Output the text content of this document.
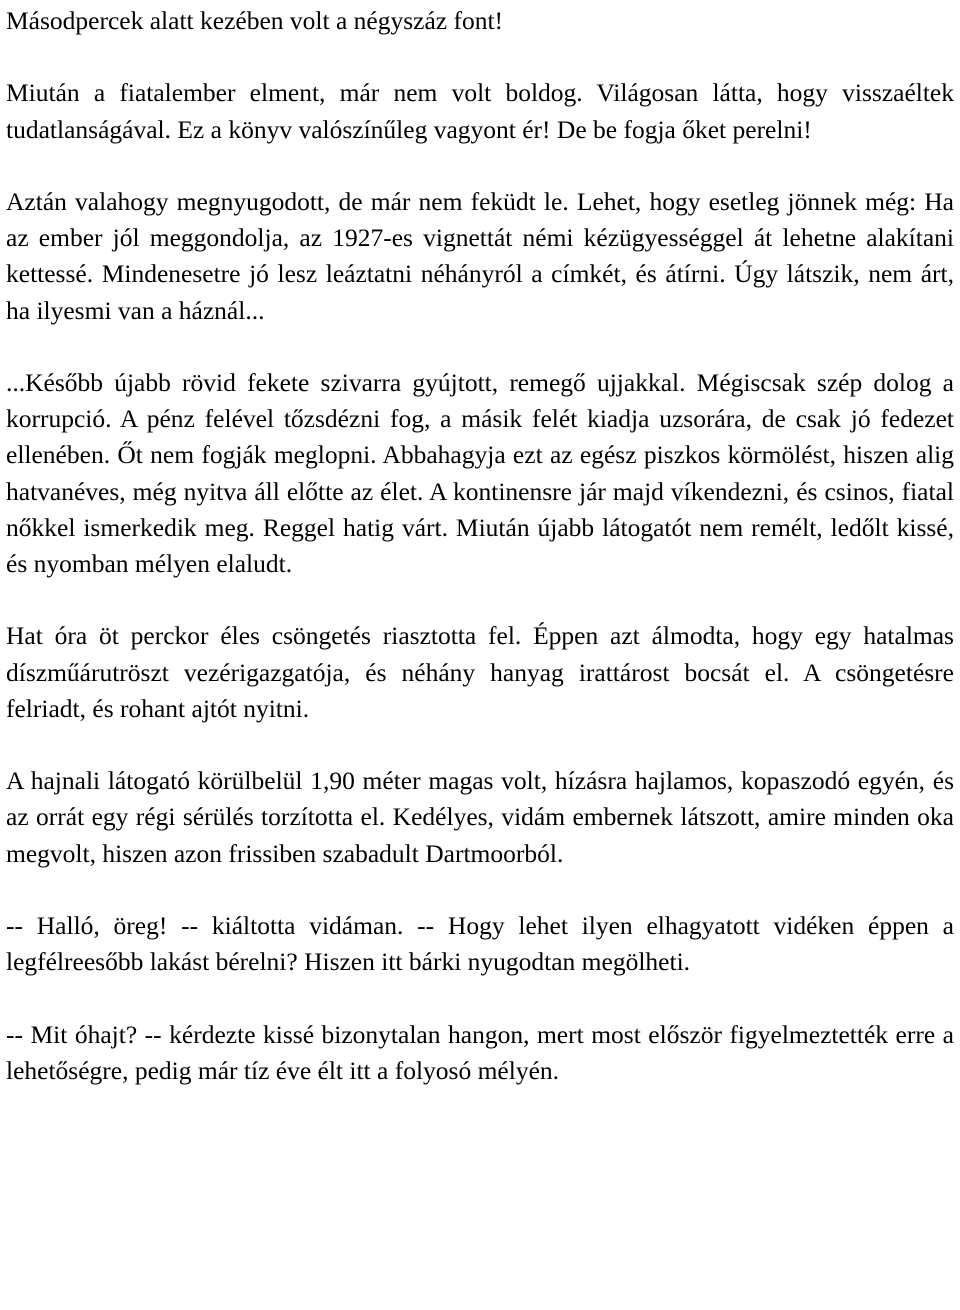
Másodpercek alatt kezében volt a négyszáz font!

Miután a fiatalember elment, már nem volt boldog. Világosan látta, hogy visszaéltek tudatlanságával. Ez a könyv valószínűleg vagyont ér! De be fogja őket perelni!

Aztán valahogy megnyugodott, de már nem feküdt le. Lehet, hogy esetleg jönnek még: Ha az ember jól meggondolja, az 1927-es vignettát némi kézügyességgel át lehetne alakítani kettessé. Mindenesetre jó lesz leáztatni néhányról a címkét, és átírni. Úgy látszik, nem árt, ha ilyesmi van a háznál...

...Később újabb rövid fekete szivarra gyújtott, remegő ujjakkal. Mégiscsak szép dolog a korrupció. A pénz felével tőzsdézni fog, a másik felét kiadja uzsorára, de csak jó fedezet ellenében. Őt nem fogják meglopni. Abbahagyja ezt az egész piszkos körmölést, hiszen alig hatvanéves, még nyitva áll előtte az élet. A kontinensre jár majd víkendezni, és csinos, fiatal nőkkel ismerkedik meg. Reggel hatig várt. Miután újabb látogatót nem remélt, ledőlt kissé, és nyomban mélyen elaludt.

Hat óra öt perckor éles csöngetés riasztotta fel. Éppen azt álmodta, hogy egy hatalmas díszműárutröszt vezérigazgatója, és néhány hanyag irattárost bocsát el. A csöngetésre felriadt, és rohant ajtót nyitni.

A hajnali látogató körülbelül 1,90 méter magas volt, hízásra hajlamos, kopaszodó egyén, és az orrát egy régi sérülés torzította el. Kedélyes, vidám embernek látszott, amire minden oka megvolt, hiszen azon frissiben szabadult Dartmoorból.

-- Halló, öreg! -- kiáltotta vidáman. -- Hogy lehet ilyen elhagyatott vidéken éppen a legfélreesőbb lakást bérelni? Hiszen itt bárki nyugodtan megölheti.

-- Mit óhajt? -- kérdezte kissé bizonytalan hangon, mert most először figyelmeztették erre a lehetőségre, pedig már tíz éve élt itt a folyosó mélyén.
